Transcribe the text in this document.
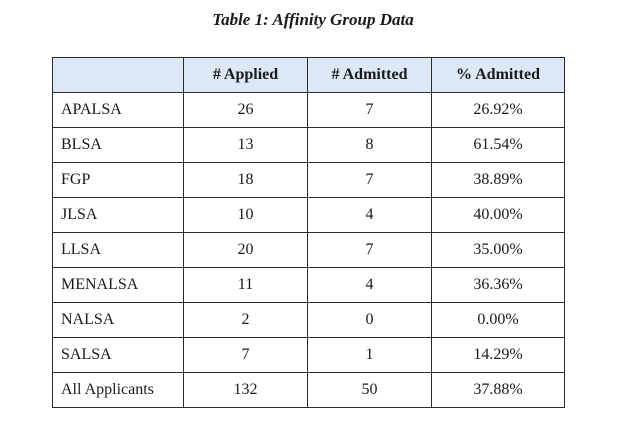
Table 1: Affinity Group Data
	# Applied	# Admitted	% Admitted
APALSA	26	7	26.92%
BLSA	13	8	61.54%
FGP	18	7	38.89%
JLSA	10	4	40.00%
LLSA	20	7	35.00%
MENALSA	11	4	36.36%
NALSA	2	0	0.00%
SALSA	7	1	14.29%
All Applicants	132	50	37.88%
